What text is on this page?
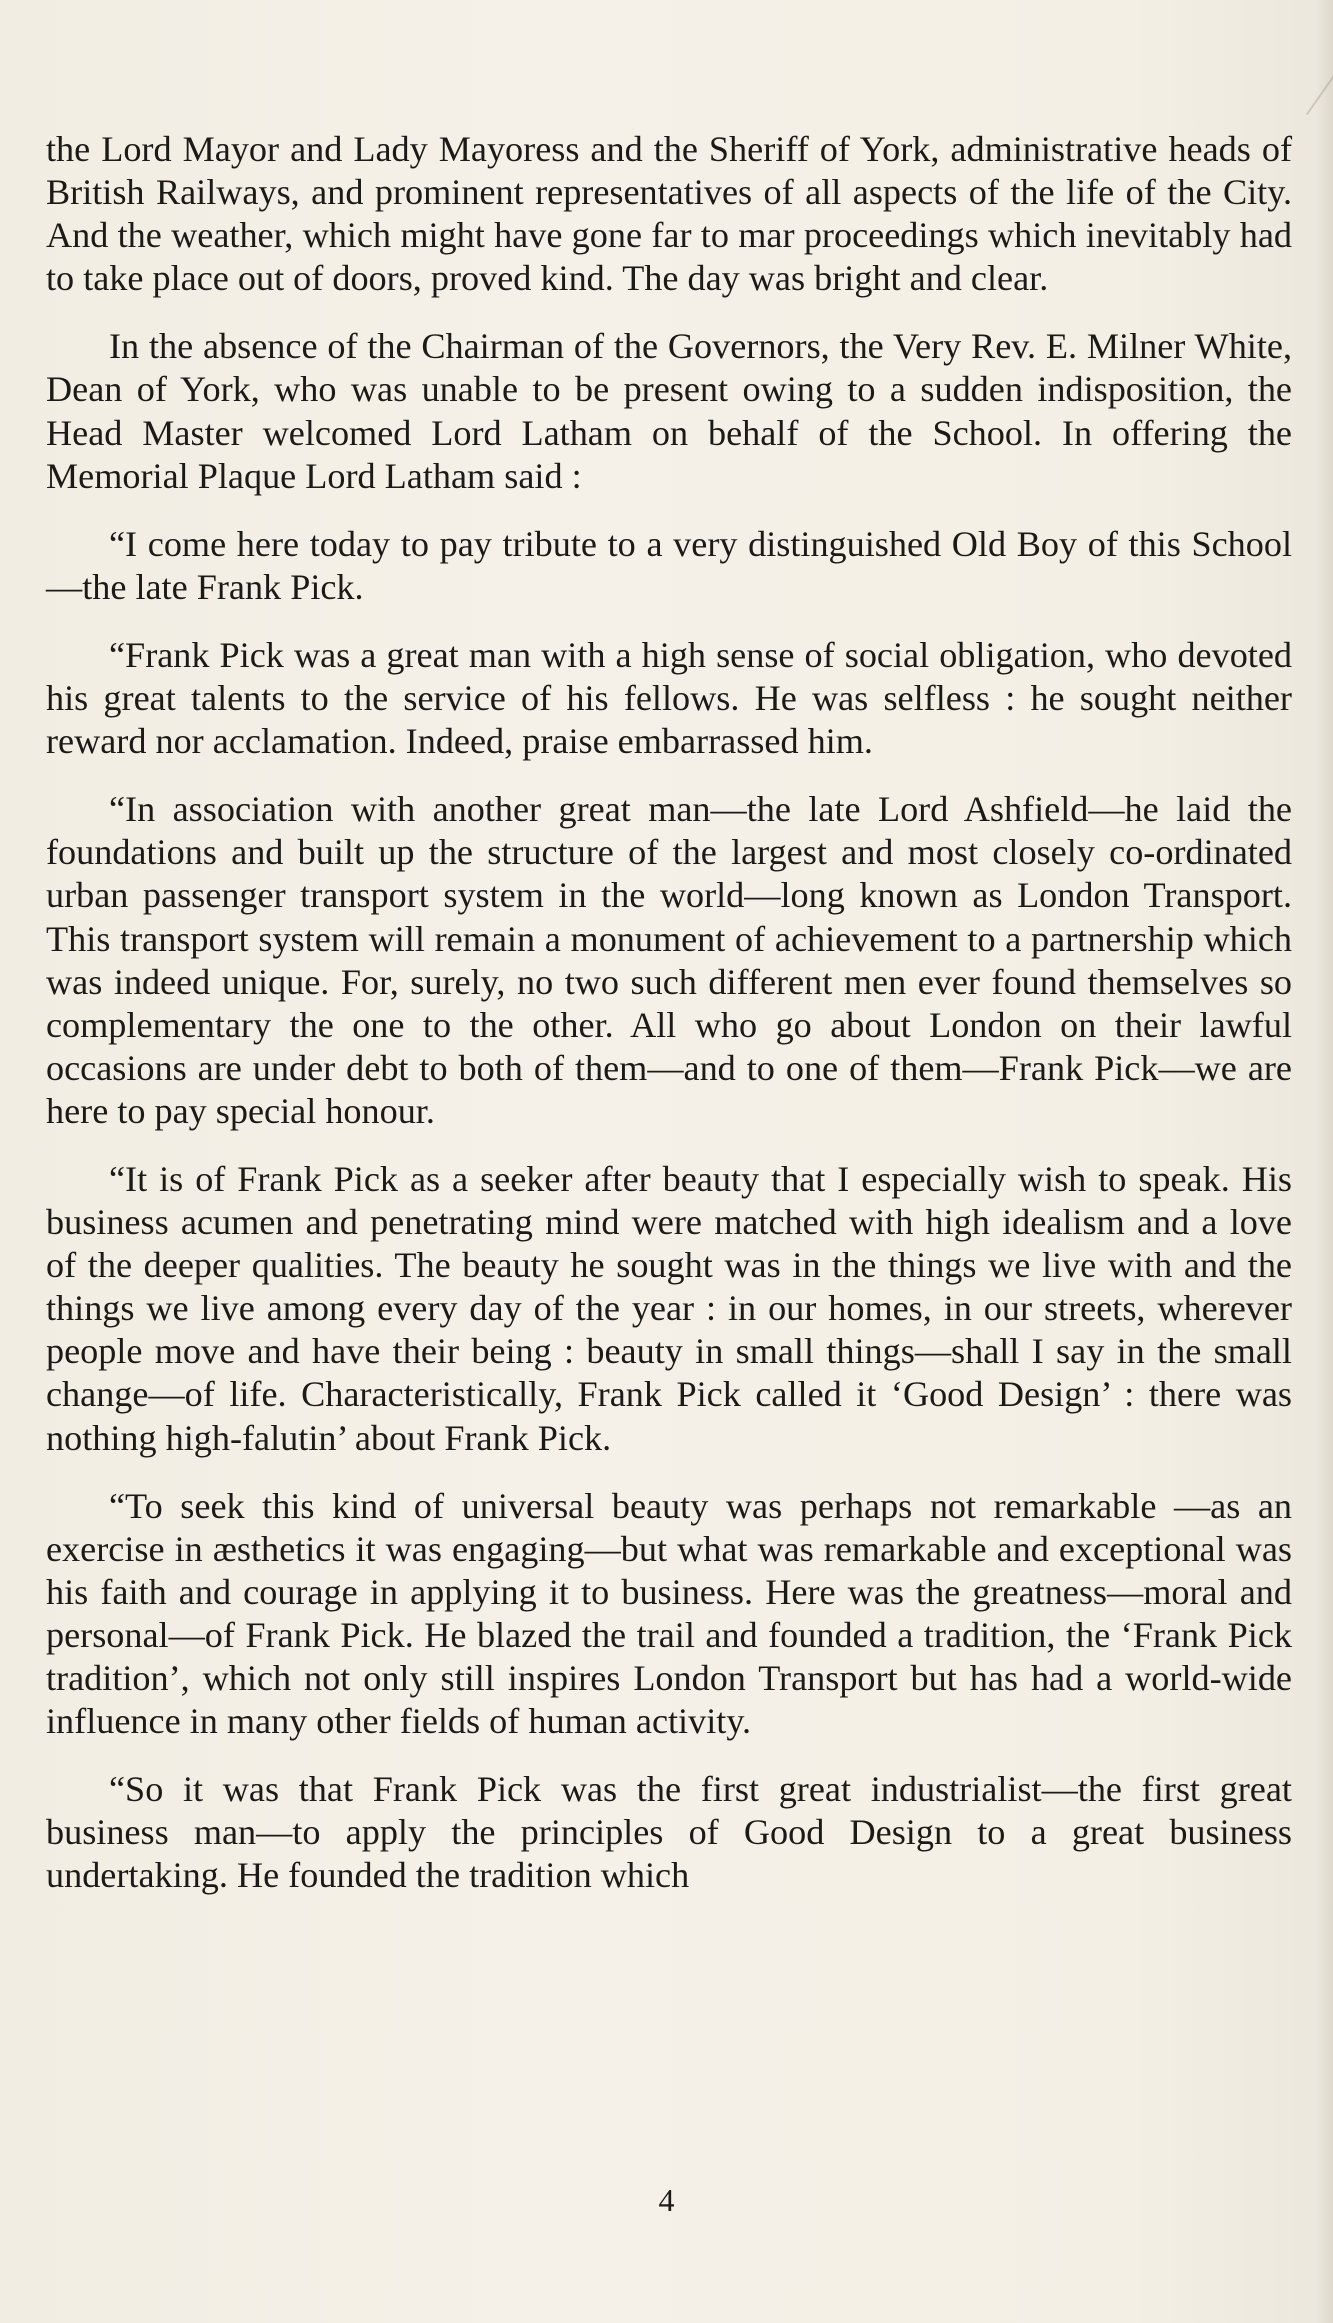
the Lord Mayor and Lady Mayoress and the Sheriff of York, administrative heads of British Railways, and prominent representatives of all aspects of the life of the City. And the weather, which might have gone far to mar proceedings which inevitably had to take place out of doors, proved kind. The day was bright and clear.

In the absence of the Chairman of the Governors, the Very Rev. E. Milner White, Dean of York, who was unable to be present owing to a sudden indisposition, the Head Master welcomed Lord Latham on behalf of the School. In offering the Memorial Plaque Lord Latham said :

“I come here today to pay tribute to a very distinguished Old Boy of this School—the late Frank Pick.

“Frank Pick was a great man with a high sense of social obligation, who devoted his great talents to the service of his fellows. He was selfless : he sought neither reward nor acclamation. Indeed, praise embarrassed him.

“In association with another great man—the late Lord Ashfield—he laid the foundations and built up the structure of the largest and most closely co-ordinated urban passenger transport system in the world—long known as London Transport. This transport system will remain a monument of achievement to a partnership which was indeed unique. For, surely, no two such different men ever found themselves so complementary the one to the other. All who go about London on their lawful occasions are under debt to both of them—and to one of them—Frank Pick—we are here to pay special honour.

“It is of Frank Pick as a seeker after beauty that I especially wish to speak. His business acumen and penetrating mind were matched with high idealism and a love of the deeper qualities. The beauty he sought was in the things we live with and the things we live among every day of the year : in our homes, in our streets, wherever people move and have their being : beauty in small things—shall I say in the small change—of life. Characteristically, Frank Pick called it ‘Good Design’ : there was nothing high-falutin’ about Frank Pick.

“To seek this kind of universal beauty was perhaps not remarkable —as an exercise in æsthetics it was engaging—but what was remarkable and exceptional was his faith and courage in applying it to business. Here was the greatness—moral and personal—of Frank Pick. He blazed the trail and founded a tradition, the ‘Frank Pick tradition’, which not only still inspires London Transport but has had a world-wide influence in many other fields of human activity.

“So it was that Frank Pick was the first great industrialist—the first great business man—to apply the principles of Good Design to a great business undertaking. He founded the tradition which

4
